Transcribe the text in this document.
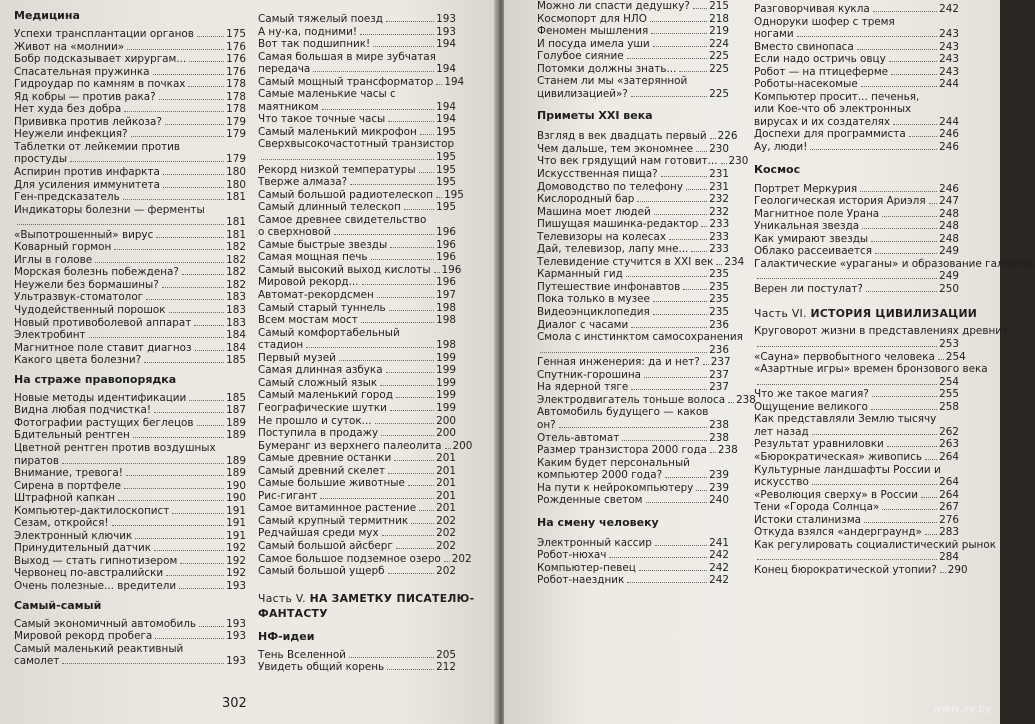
Медицина
Успехи трансплантации органов	175
Живот на «молнии»	176
Бобр подсказывает хирургам...	176
Спасательная пружинка	176
Гидроудар по камням в почках	178
Яд кобры — против рака?	178
Нет худа без добра	178
Прививка против лейкоза?	179
Неужели инфекция?	179
Таблетки от лейкемии против
простуды	179
Аспирин против инфаркта	180
Для усиления иммунитета	180
Ген-предсказатель	181
Индикаторы болезни — ферменты
181
«Выпотрошенный» вирус	181
Коварный гормон	182
Иглы в голове	182
Морская болезнь побеждена?	182
Неужели без бормашины?	182
Ультразвук-стоматолог	183
Чудодейственный порошок	183
Новый противоболевой аппарат	183
Электробинт	184
Магнитное поле ставит диагноз	184
Какого цвета болезни?	185
На страже правопорядка
Новые методы идентификации	185
Видна любая подчистка!	187
Фотографии растущих беглецов	189
Бдительный рентген	189
Цветной рентген против воздушных
пиратов	189
Внимание, тревога!	189
Сирена в портфеле	190
Штрафной капкан	190
Компьютер-дактилоскопист	191
Сезам, откройся!	191
Электронный ключик	191
Принудительный датчик	192
Выход — стать гипнотизером	192
Червонец по-австралийски	192
Очень полезные... вредители	193
Самый-самый
Самый экономичный автомобиль	193
Мировой рекорд пробега	193
Самый маленький реактивный
самолет	193
Самый тяжелый поезд	193
А ну-ка, подними!	193
Вот так подшипник!	194
Самая большая в мире зубчатая
передача	194
Самый мощный трансформатор 194
Самые маленькие часы с
маятником	194
Что такое точные часы	194
Самый маленький микрофон 195
Сверхвысокочастотный транзистор
195
Рекорд низкой температуры 195
Тверже алмаза?	195
Самый большой радиотелескоп 195
Самый длинный телескоп	195
Самое древнее свидетельство
о сверхновой	196
Самые быстрые звезды	196
Самая мощная печь	196
Самый высокий выход кислоты 196
Мировой рекорд...	196
Автомат-рекордсмен	197
Самый старый туннель	198
Всем мостам мост	198
Самый комфортабельный
стадион	198
Первый музей	199
Самая длинная азбука	199
Самый сложный язык	199
Самый маленький город	199
Географические шутки	199
Не прошло и суток...	200
Поступила в продажу	200
Бумеранг из верхнего палеолита 200
Самые древние останки	201
Самый древний скелет	201
Самые большие животные	201
Рис-гигант	201
Самое витаминное растение 201
Самый крупный термитник	202
Редчайшая среди мух	202
Самый большой айсберг	202
Самое большое подземное озеро 202
Самый большой ущерб	202
Часть V. НА ЗАМЕТКУ ПИСАТЕЛЮ-
ФАНТАСТУ
НФ-идеи
Тень Вселенной	205
Увидеть общий корень	212
302
Можно ли спасти дедушку? 215
Космопорт для НЛО	218
Феномен мышления	219
И посуда имела уши	224
Голубое сияние	225
Потомки должны знать...	225
Станем ли мы «затерянной
цивилизацией»?	225
Приметы XXI века
Взгляд в век двадцать первый 226
Чем дальше, тем экономнее 230
Что век грядущий нам готовит... 230
Искусственная пища?	231
Домоводство по телефону	231
Кислородный бар	232
Машина моет людей	232
Пишущая машинка-редактор 233
Телевизоры на колесах	233
Дай, телевизор, лапу мне... 233
Телевидение стучится в XXI век 234
Карманный гид	235
Путешествие инфонавтов	235
Пока только в музее	235
Видеоэнциклопедия	235
Диалог с часами	236
Смола с инстинктом самосохранения
236
Генная инженерия: да и нет? 237
Спутник-горошина	237
На ядерной тяге	237
Электродвигатель тоньше волоса 238
Автомобиль будущего — каков
он?	238
Отель-автомат	238
Размер транзистора 2000 года 238
Каким будет персональный
компьютер 2000 года?	239
На пути к нейрокомпьютеру 239
Рожденные светом	240
На смену человеку
Электронный кассир	241
Робот-нюхач	242
Компьютер-певец	242
Робот-наездник	242
Разговорчивая кукла	242
Одноруки шофер с тремя
ногами	243
Вместо свинопаса	243
Если надо остричь овцу	243
Робот — на птицеферме	243
Роботы-насекомые	244
Компьютер просит... печенья,
или Кое-что об электронных
вирусах и их создателях	244
Доспехи для программиста	246
Ау, люди!	246
Космос
Портрет Меркурия	246
Геологическая история Ариэля 247
Магнитное поле Урана	248
Уникальная звезда	248
Как умирают звезды	248
Облако рассеивается	249
Галактические «ураганы» и образование галактик
249
Верен ли постулат?	250
Часть VI. ИСТОРИЯ ЦИВИЛИЗАЦИИ
Круговорот жизни в представлениях древних
253
«Сауна» первобытного человека 254
«Азартные игры» времен бронзового века
254
Что же такое магия?	255
Ощущение великого	258
Как представляли Землю тысячу
лет назад	262
Результат уравниловки	263
«Бюрократическая» живопись 264
Культурные ландшафты России и
искусство	264
«Революция сверху» в России 264
Тени «Города Солнца»	267
Истоки сталинизма	276
Откуда взялся «андерграунд» 283
Как регулировать социалистический рынок
284
Конец бюрократической утопии? 290
www.ay.by
